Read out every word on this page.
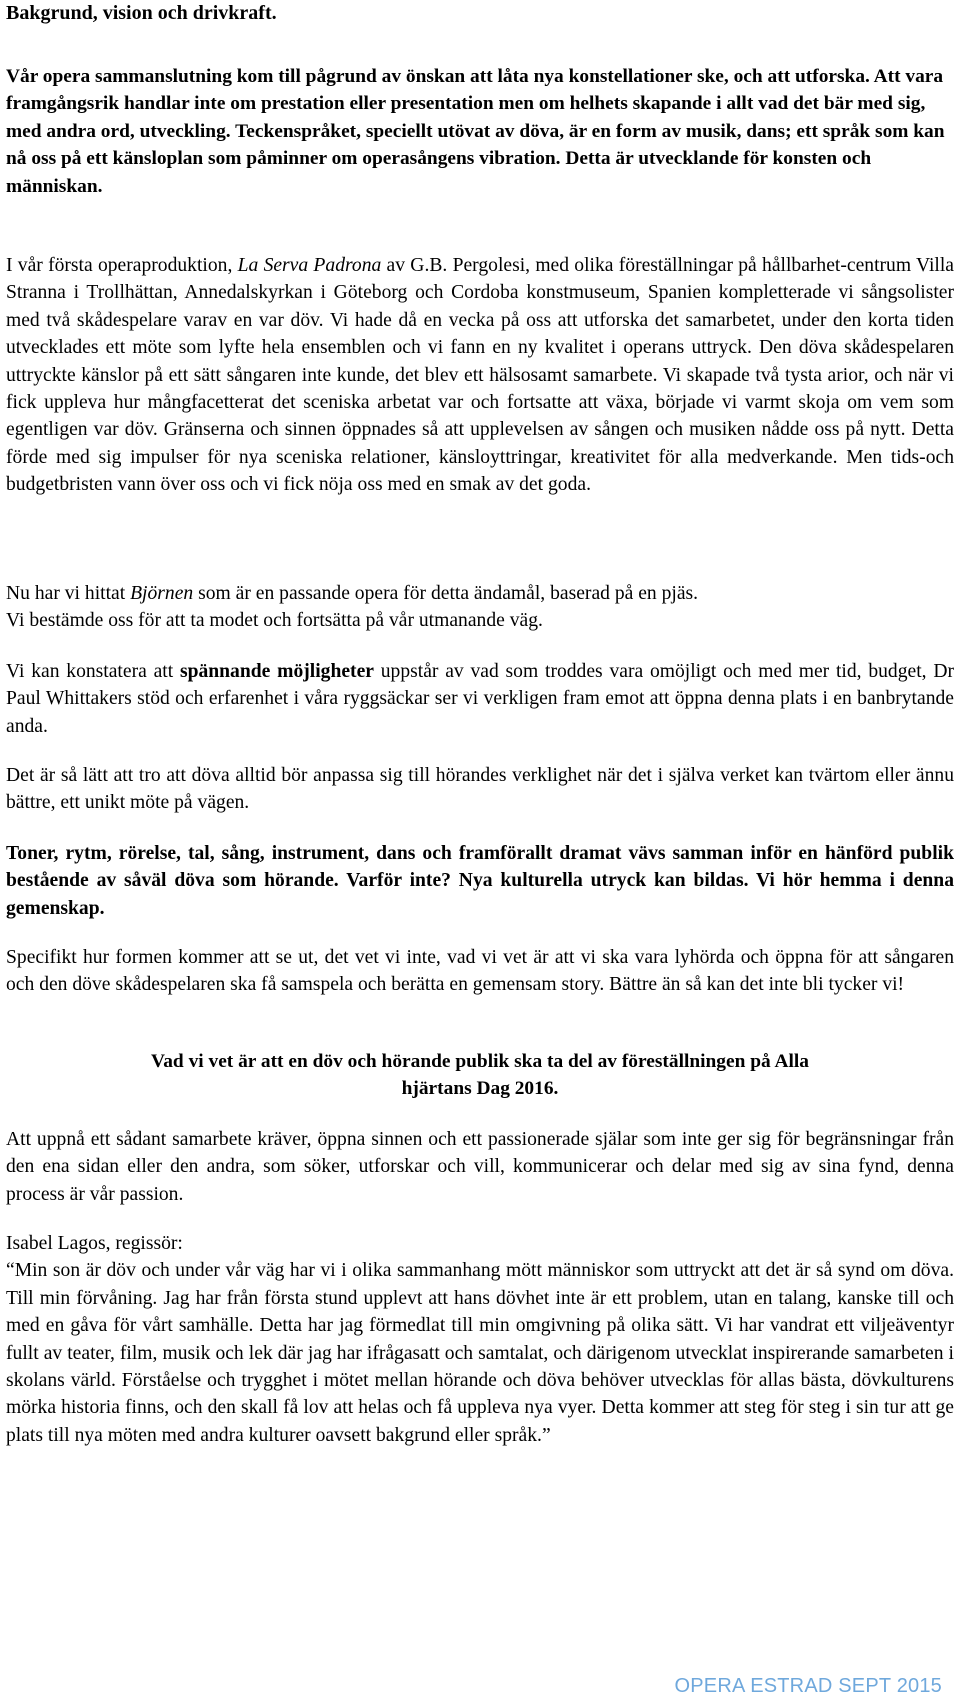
Bakgrund, vision och drivkraft.

Vår opera sammanslutning kom till pågrund av önskan att låta nya konstellationer ske, och att utforska. Att vara framgångsrik handlar inte om prestation eller presentation men om helhets skapande i allt vad det bär med sig, med andra ord, utveckling. Teckenspråket, speciellt utövat av döva, är en form av musik, dans; ett språk som kan nå oss på ett känsloplan som påminner om operasångens vibration. Detta är utvecklande för konsten och människan.

I vår första operaproduktion, La Serva Padrona av G.B. Pergolesi, med olika föreställningar på hållbarhet-centrum Villa Stranna i Trollhättan, Annedalskyrkan i Göteborg och Cordoba konstmuseum, Spanien kompletterade vi sångsolister med två skådespelare varav en var döv. Vi hade då en vecka på oss att utforska det samarbetet, under den korta tiden utvecklades ett möte som lyfte hela ensemblen och vi fann en ny kvalitet i operans uttryck. Den döva skådespelaren uttryckte känslor på ett sätt sångaren inte kunde, det blev ett hälsosamt samarbete. Vi skapade två tysta arior, och när vi fick uppleva hur mångfacetterat det sceniska arbetat var och fortsatte att växa, började vi varmt skoja om vem som egentligen var döv. Gränserna och sinnen öppnades så att upplevelsen av sången och musiken nådde oss på nytt. Detta förde med sig impulser för nya sceniska relationer, känsloyttringar, kreativitet för alla medverkande. Men tids-och budgetbristen vann över oss och vi fick nöja oss med en smak av det goda.

Nu har vi hittat Björnen som är en passande opera för detta ändamål, baserad på en pjäs.
Vi bestämde oss för att ta modet och fortsätta på vår utmanande väg.

Vi kan konstatera att spännande möjligheter uppstår av vad som troddes vara omöjligt och med mer tid, budget, Dr Paul Whittakers stöd och erfarenhet i våra ryggsäckar ser vi verkligen fram emot att öppna denna plats i en banbrytande anda.

Det är så lätt att tro att döva alltid bör anpassa sig till hörandes verklighet när det i själva verket kan tvärtom eller ännu bättre, ett unikt möte på vägen.

Toner, rytm, rörelse, tal, sång, instrument, dans och framförallt dramat vävs samman inför en hänförd publik bestående av såväl döva som hörande. Varför inte? Nya kulturella utryck kan bildas. Vi hör hemma i denna gemenskap.

Specifikt hur formen kommer att se ut, det vet vi inte, vad vi vet är att vi ska vara lyhörda och öppna för att sångaren och den döve skådespelaren ska få samspela och berätta en gemensam story. Bättre än så kan det inte bli tycker vi!

Vad vi vet är att en döv och hörande publik ska ta del av föreställningen på Alla
hjärtans Dag 2016.

Att uppnå ett sådant samarbete kräver, öppna sinnen och ett passionerade själar som inte ger sig för begränsningar från den ena sidan eller den andra, som söker, utforskar och vill, kommunicerar och delar med sig av sina fynd, denna process är vår passion.

Isabel Lagos, regissör:
“Min son är döv och under vår väg har vi i olika sammanhang mött människor som uttryckt att det är så synd om döva. Till min förvåning. Jag har från första stund upplevt att hans dövhet inte är ett problem, utan en talang, kanske till och med en gåva för vårt samhälle. Detta har jag förmedlat till min omgivning på olika sätt. Vi har vandrat ett viljeäventyr fullt av teater, film, musik och lek där jag har ifrågasatt och samtalat, och därigenom utvecklat inspirerande samarbeten i skolans värld. Förståelse och trygghet i mötet mellan hörande och döva behöver utvecklas för allas bästa, dövkulturens mörka historia finns, och den skall få lov att helas och få uppleva nya vyer. Detta kommer att steg för steg i sin tur att ge plats till nya möten med andra kulturer oavsett bakgrund eller språk.”

OPERA ESTRAD SEPT 2015
